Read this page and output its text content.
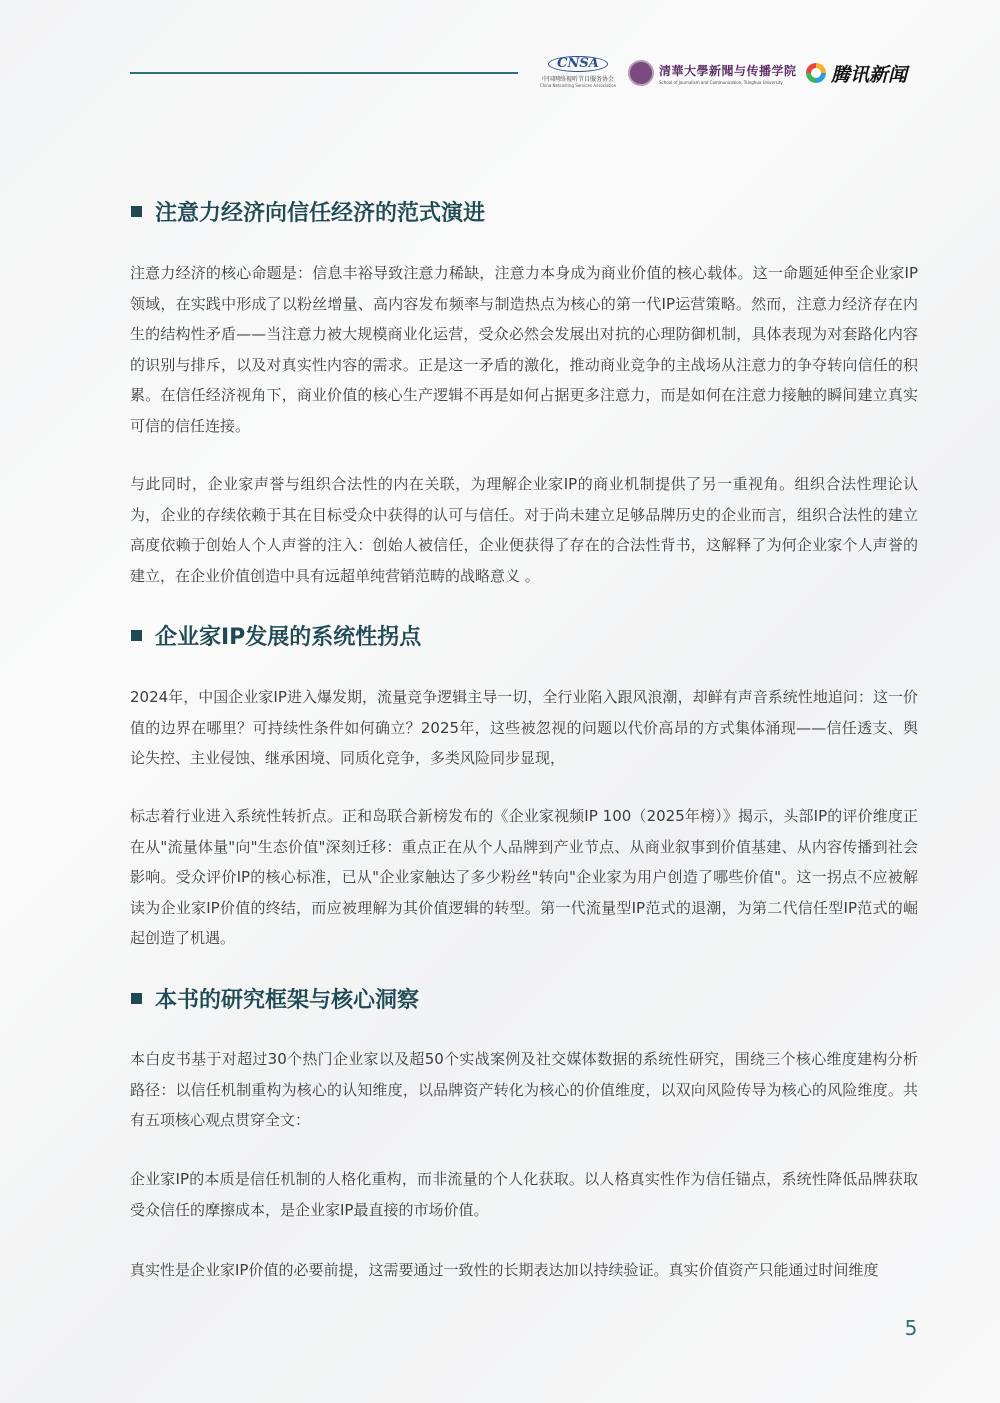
CNSA
中国网络视听节目服务协会
China Netcasting Services Association
清華大學新聞与传播学院
School of Journalism and Communication, Tsinghua University	腾讯新闻
注意力经济向信任经济的范式演进

注意力经济的核心命题是：信息丰裕导致注意力稀缺，注意力本身成为商业价值的核心载体。这一命题延伸至企业家IP领域，在实践中形成了以粉丝增量、高内容发布频率与制造热点为核心的第一代IP运营策略。然而，注意力经济存在内生的结构性矛盾——当注意力被大规模商业化运营，受众必然会发展出对抗的心理防御机制，具体表现为对套路化内容的识别与排斥，以及对真实性内容的需求。正是这一矛盾的激化，推动商业竞争的主战场从注意力的争夺转向信任的积累。在信任经济视角下，商业价值的核心生产逻辑不再是如何占据更多注意力，而是如何在注意力接触的瞬间建立真实可信的信任连接。

与此同时，企业家声誉与组织合法性的内在关联，为理解企业家IP的商业机制提供了另一重视角。组织合法性理论认为，企业的存续依赖于其在目标受众中获得的认可与信任。对于尚未建立足够品牌历史的企业而言，组织合法性的建立高度依赖于创始人个人声誉的注入：创始人被信任，企业便获得了存在的合法性背书，这解释了为何企业家个人声誉的建立，在企业价值创造中具有远超单纯营销范畴的战略意义 。

企业家IP发展的系统性拐点

2024年，中国企业家IP进入爆发期，流量竞争逻辑主导一切，全行业陷入跟风浪潮，却鲜有声音系统性地追问：这一价值的边界在哪里？可持续性条件如何确立？2025年，这些被忽视的问题以代价高昂的方式集体涌现——信任透支、舆论失控、主业侵蚀、继承困境、同质化竞争，多类风险同步显现，

标志着行业进入系统性转折点。正和岛联合新榜发布的《企业家视频IP 100（2025年榜）》揭示，头部IP的评价维度正在从"流量体量"向"生态价值"深刻迁移：重点正在从个人品牌到产业节点、从商业叙事到价值基建、从内容传播到社会影响。受众评价IP的核心标准，已从"企业家触达了多少粉丝"转向"企业家为用户创造了哪些价值"。这一拐点不应被解读为企业家IP价值的终结，而应被理解为其价值逻辑的转型。第一代流量型IP范式的退潮，为第二代信任型IP范式的崛起创造了机遇。

本书的研究框架与核心洞察

本白皮书基于对超过30个热门企业家以及超50个实战案例及社交媒体数据的系统性研究，围绕三个核心维度建构分析路径：以信任机制重构为核心的认知维度，以品牌资产转化为核心的价值维度，以双向风险传导为核心的风险维度。共有五项核心观点贯穿全文：

企业家IP的本质是信任机制的人格化重构，而非流量的个人化获取。以人格真实性作为信任锚点，系统性降低品牌获取受众信任的摩擦成本，是企业家IP最直接的市场价值。

真实性是企业家IP价值的必要前提，这需要通过一致性的长期表达加以持续验证。真实价值资产只能通过时间维度

5
